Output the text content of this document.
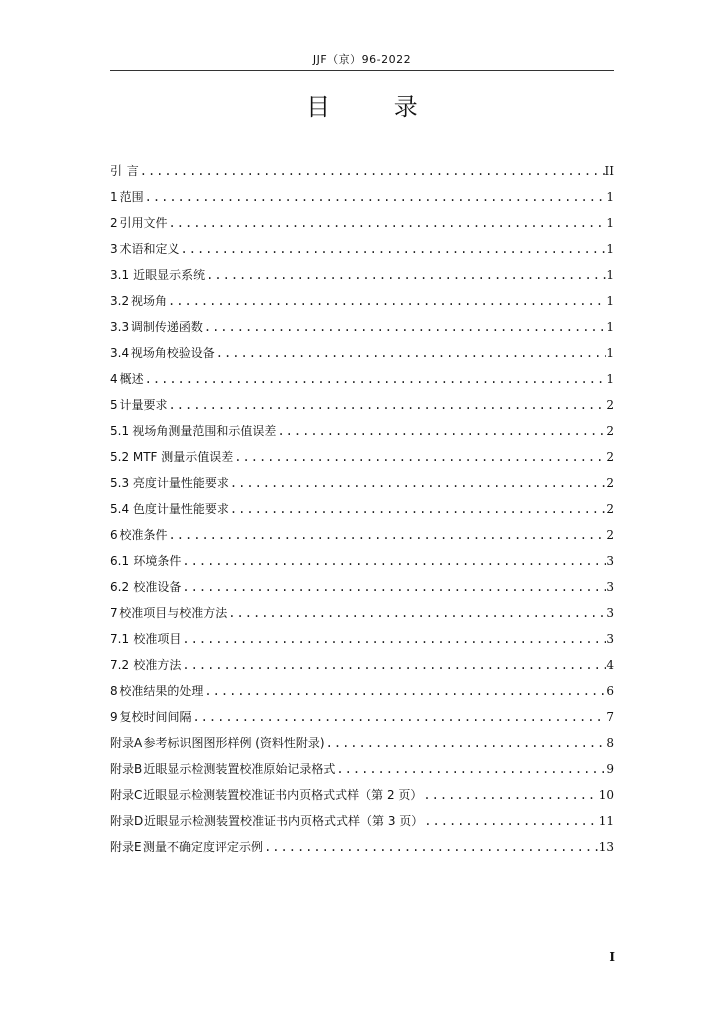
JJF（京）96-2022
目 录
引 言 .....	II
1 范围 .....	1
2 引用文件 .....	1
3 术语和定义 .....	1
3.1 近眼显示系统 .....	1
3.2 视场角 .....	1
3.3 调制传递函数 .....	1
3.4 视场角校验设备 .....	1
4 概述 .....	1
5 计量要求 .....	2
5.1 视场角测量范围和示值误差 .....	2
5.2 MTF 测量示值误差 .....	2
5.3 亮度计量性能要求 .....	2
5.4 色度计量性能要求 .....	2
6 校准条件 .....	2
6.1 环境条件 .....	3
6.2 校准设备 .....	3
7 校准项目与校准方法 .....	3
7.1 校准项目 .....	3
7.2 校准方法 .....	4
8 校准结果的处理 .....	6
9 复校时间间隔 .....	7
附录A 参考标识图图形样例 (资料性附录) .....	8
附录B 近眼显示检测装置校准原始记录格式 .....	9
附录C 近眼显示检测装置校准证书内页格式式样（第 2 页） .....	10
附录D 近眼显示检测装置校准证书内页格式式样（第 3 页） .....	11
附录E 测量不确定度评定示例 .....	13
I
